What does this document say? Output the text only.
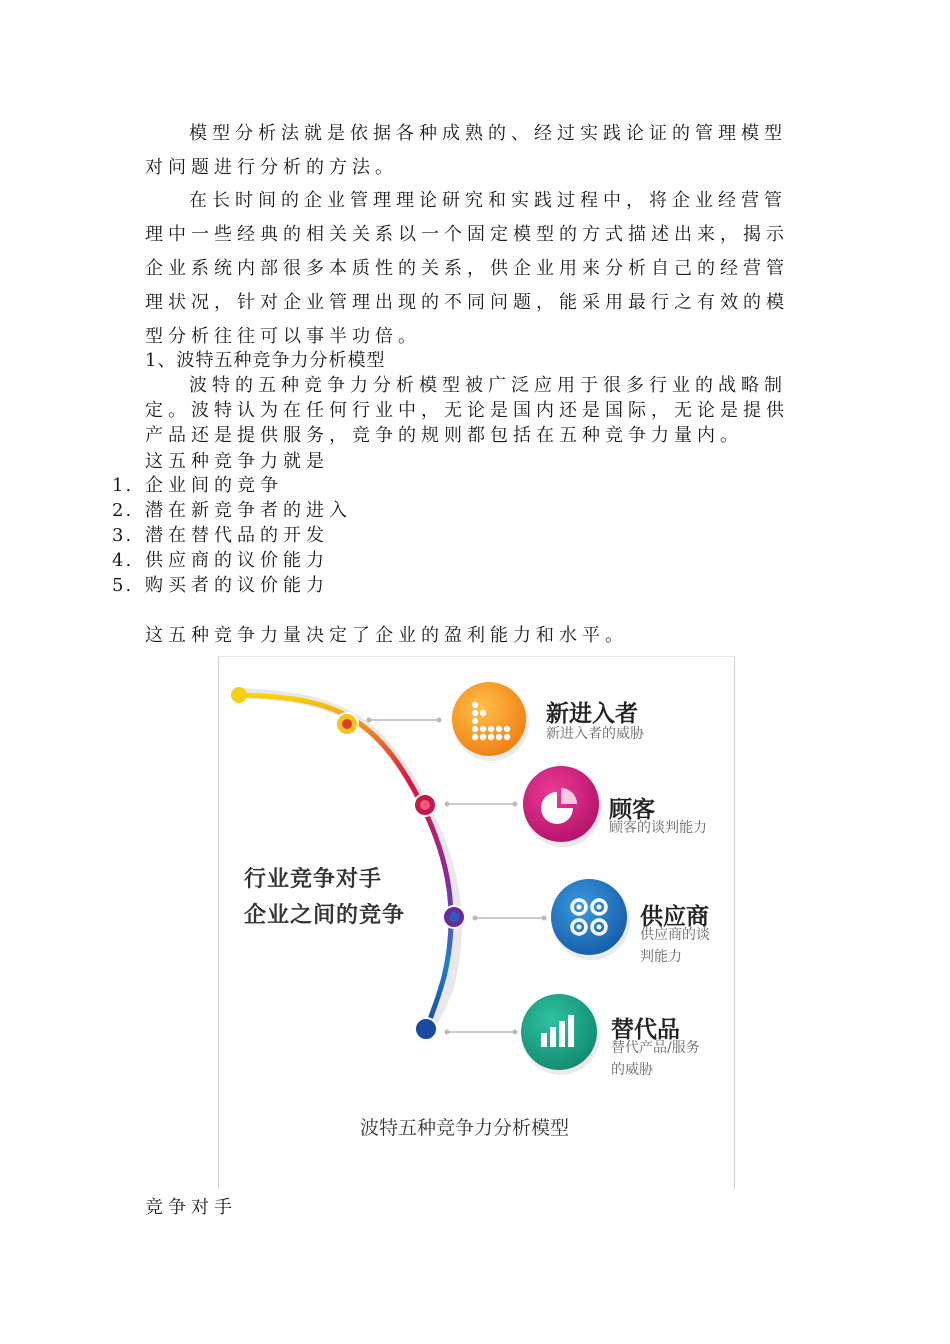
模型分析法就是依据各种成熟的、经过实践论证的管理模型对问题进行分析的方法。

在长时间的企业管理理论研究和实践过程中，将企业经营管理中一些经典的相关关系以一个固定模型的方式描述出来，揭示企业系统内部很多本质性的关系，供企业用来分析自己的经营管理状况，针对企业管理出现的不同问题，能采用最行之有效的模型分析往往可以事半功倍。

1、波特五种竞争力分析模型

波特的五种竞争力分析模型被广泛应用于很多行业的战略制定。波特认为在任何行业中，无论是国内还是国际，无论是提供产品还是提供服务，竞争的规则都包括在五种竞争力量内。

这五种竞争力就是

1. 企业间的竞争
2. 潜在新竞争者的进入
3. 潜在替代品的开发
4. 供应商的议价能力
5. 购买者的议价能力

这五种竞争力量决定了企业的盈利能力和水平。

新进入者
新进入者的威胁
顾客
顾客的谈判能力
供应商
供应商的谈
判能力
替代品
替代产品/服务
的威胁
行业竞争对手
企业之间的竞争
波特五种竞争力分析模型

竞争对手
